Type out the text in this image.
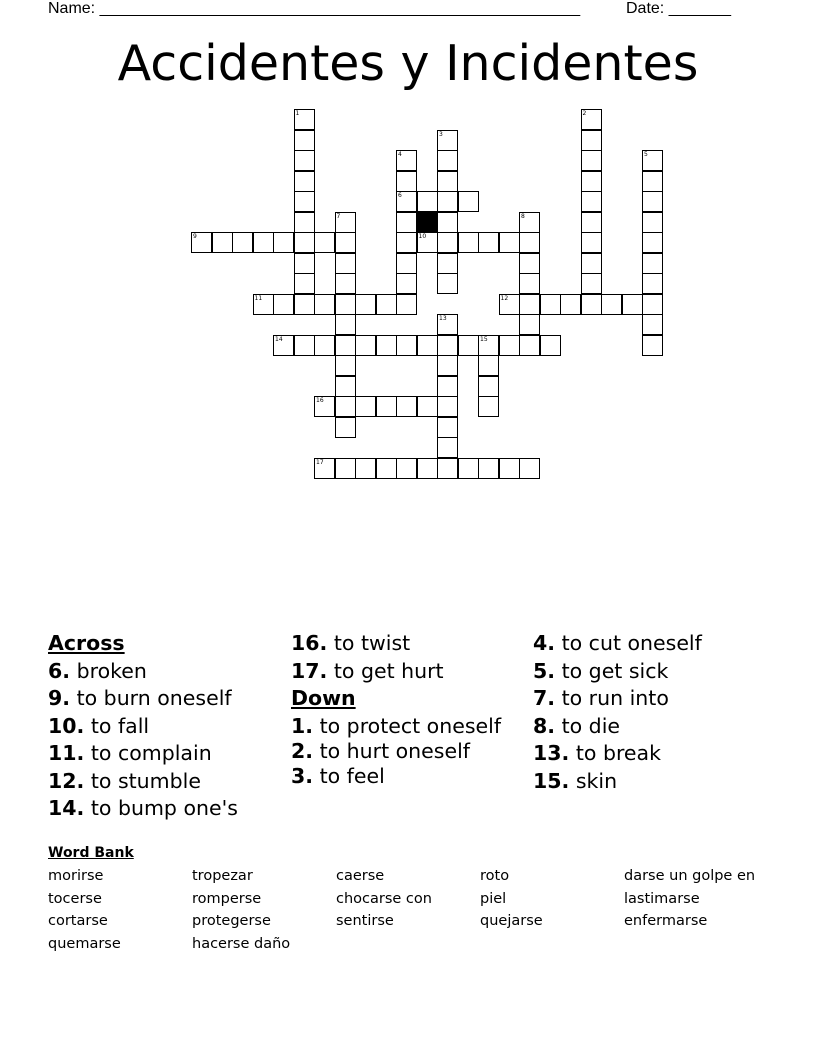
Name: ______________________________________________________	Date: _______
Accidentes y Incidentes
1	2
3
4
6
5
7	8
9	10
11	12
13
14	15
16
17
Across
6. broken
9. to burn oneself
10. to fall
11. to complain
12. to stumble
14. to bump one's
16. to twist
17. to get hurt
Down
1. to protect oneself
2. to hurt oneself
3. to feel
4. to cut oneself
5. to get sick
7. to run into
8. to die
13. to break
15. skin
Word Bank
morirse	tropezar	caerse	roto	darse un golpe en
tocerse	romperse	chocarse con	piel	lastimarse
cortarse	protegerse	sentirse	quejarse	enfermarse
quemarse	hacerse daño
